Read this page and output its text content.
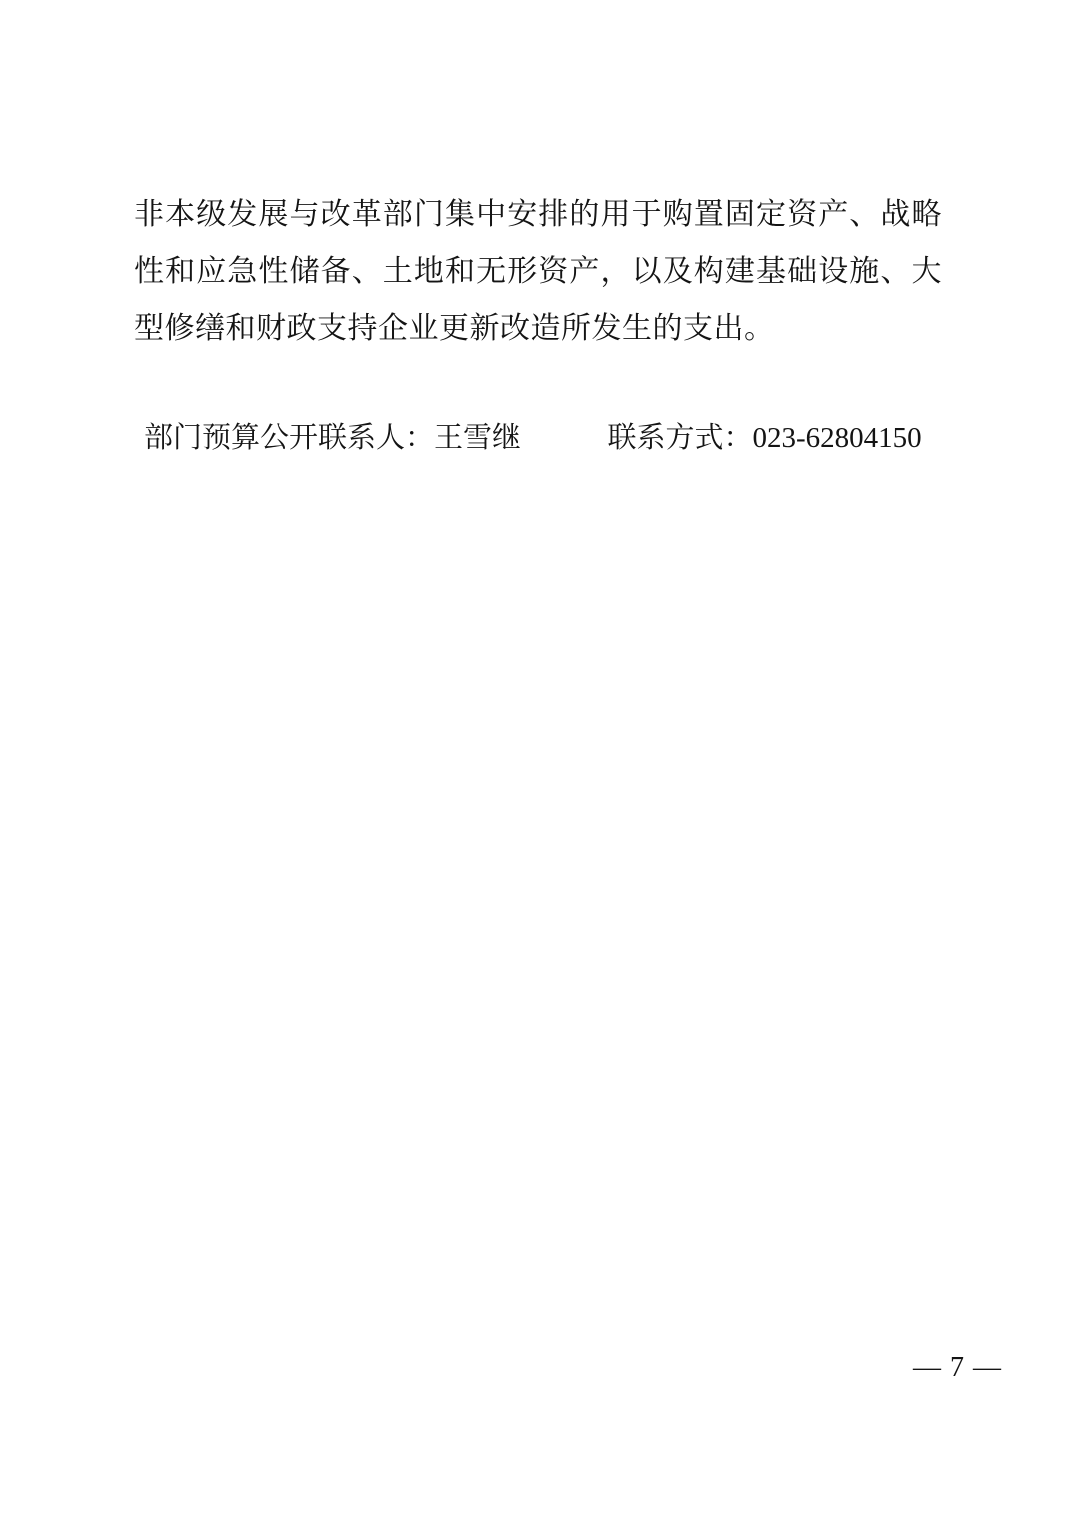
非本级发展与改革部门集中安排的用于购置固定资产、战略性和应急性储备、土地和无形资产，以及构建基础设施、大型修缮和财政支持企业更新改造所发生的支出。

部门预算公开联系人：王雪继	联系方式：023-62804150
— 7 —
